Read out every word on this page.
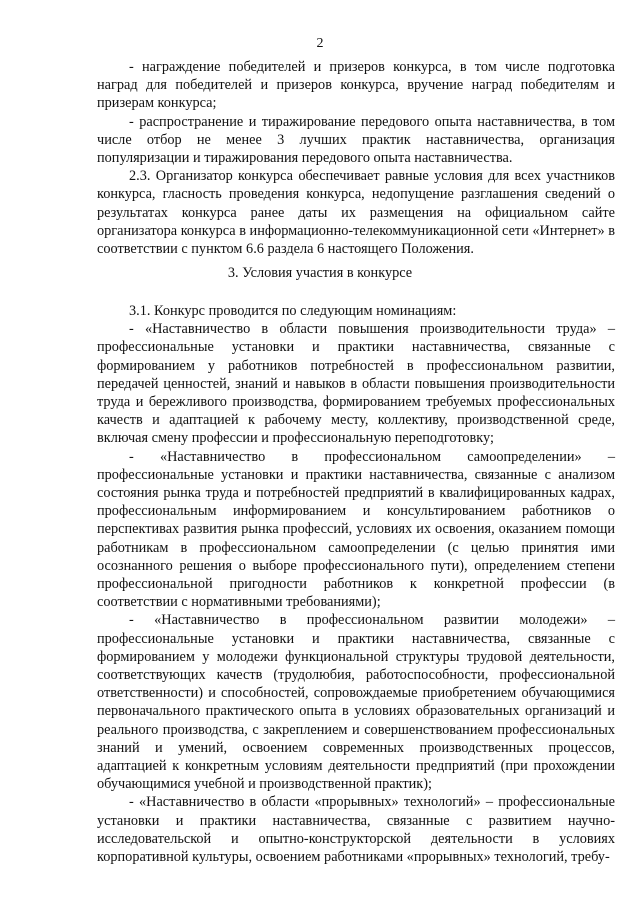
2

- награждение победителей и призеров конкурса, в том числе подготовка наград для победителей и призеров конкурса, вручение наград победителям и призерам конкурса;

- распространение и тиражирование передового опыта наставничества, в том числе отбор не менее 3 лучших практик наставничества, организация популяризации и тиражирования передового опыта наставничества.

2.3. Организатор конкурса обеспечивает равные условия для всех участников конкурса, гласность проведения конкурса, недопущение разглашения сведений о результатах конкурса ранее даты их размещения на официальном сайте организатора конкурса в информационно-телекоммуникационной сети «Интернет» в соответствии с пунктом 6.6 раздела 6 настоящего Положения.

3. Условия участия в конкурсе

3.1. Конкурс проводится по следующим номинациям:

- «Наставничество в области повышения производительности труда» – профессиональные установки и практики наставничества, связанные с формированием у работников потребностей в профессиональном развитии, передачей ценностей, знаний и навыков в области повышения производительности труда и бережливого производства, формированием требуемых профессиональных качеств и адаптацией к рабочему месту, коллективу, производственной среде, включая смену профессии и профессиональную переподготовку;

- «Наставничество в профессиональном самоопределении» – профессиональные установки и практики наставничества, связанные с анализом состояния рынка труда и потребностей предприятий в квалифицированных кадрах, профессиональным информированием и консультированием работников о перспективах развития рынка профессий, условиях их освоения, оказанием помощи работникам в профессиональном самоопределении (с целью принятия ими осознанного решения о выборе профессионального пути), определением степени профессиональной пригодности работников к конкретной профессии (в соответствии с нормативными требованиями);

- «Наставничество в профессиональном развитии молодежи» – профессиональные установки и практики наставничества, связанные с формированием у молодежи функциональной структуры трудовой деятельности, соответствующих качеств (трудолюбия, работоспособности, профессиональной ответственности) и способностей, сопровождаемые приобретением обучающимися первоначального практического опыта в условиях образовательных организаций и реального производства, с закреплением и совершенствованием профессиональных знаний и умений, освоением современных производственных процессов, адаптацией к конкретным условиям деятельности предприятий (при прохождении обучающимися учебной и производственной практик);

- «Наставничество в области «прорывных» технологий» – профессиональные установки и практики наставничества, связанные с развитием научно-исследовательской и опытно-конструкторской деятельности в условиях корпоративной культуры, освоением работниками «прорывных» технологий, требу-
